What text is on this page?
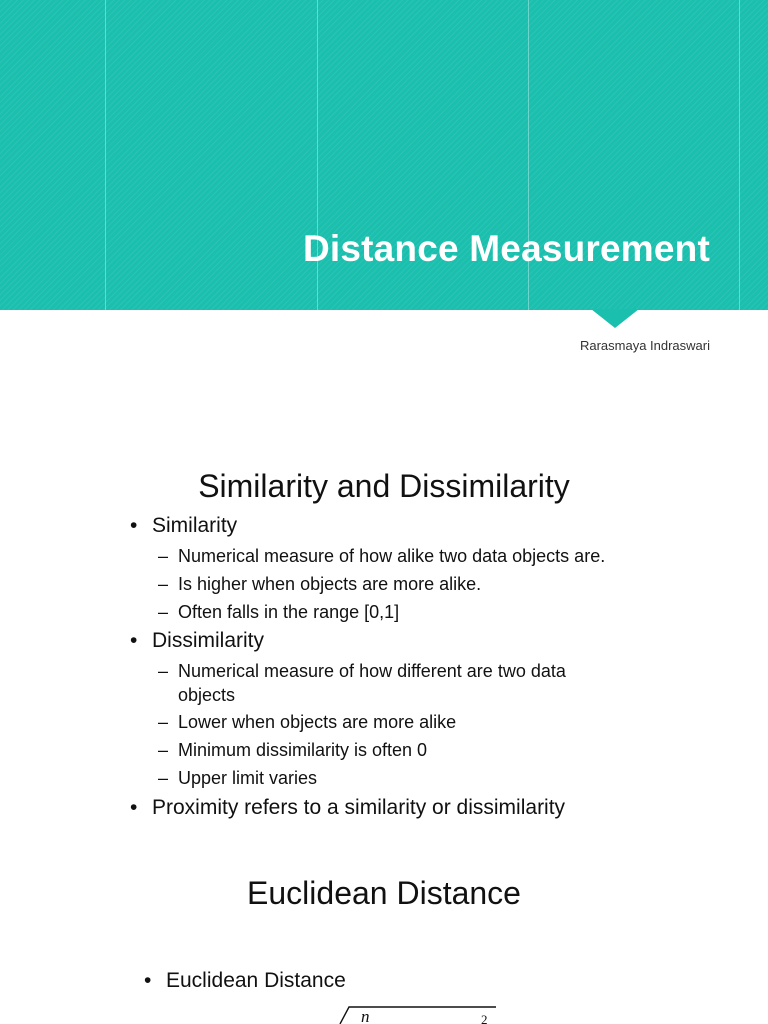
Distance Measurement
Rarasmaya Indraswari
Similarity and Dissimilarity
• Similarity
– Numerical measure of how alike two data objects are.
– Is higher when objects are more alike.
– Often falls in the range [0,1]
• Dissimilarity
– Numerical measure of how different are two data
objects
– Lower when objects are more alike
– Minimum dissimilarity is often 0
– Upper limit varies
• Proximity refers to a similarity or dissimilarity
Euclidean Distance
• Euclidean Distance
n	2
